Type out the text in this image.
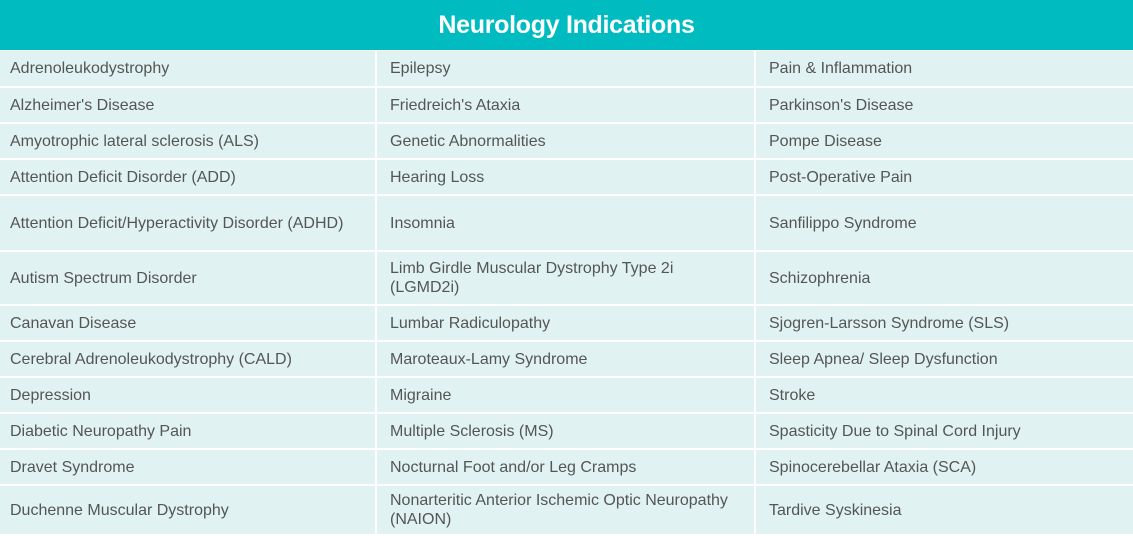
Neurology Indications
Adrenoleukodystrophy	Epilepsy	Pain & Inflammation
Alzheimer's Disease	Friedreich's Ataxia	Parkinson's Disease
Amyotrophic lateral sclerosis (ALS)	Genetic Abnormalities	Pompe Disease
Attention Deficit Disorder (ADD)	Hearing Loss	Post-Operative Pain
Attention Deficit/Hyperactivity Disorder (ADHD)	Insomnia	Sanfilippo Syndrome
Autism Spectrum Disorder	Limb Girdle Muscular Dystrophy Type 2i (LGMD2i)	Schizophrenia
Canavan Disease	Lumbar Radiculopathy	Sjogren-Larsson Syndrome (SLS)
Cerebral Adrenoleukodystrophy (CALD)	Maroteaux-Lamy Syndrome	Sleep Apnea/ Sleep Dysfunction
Depression	Migraine	Stroke
Diabetic Neuropathy Pain	Multiple Sclerosis (MS)	Spasticity Due to Spinal Cord Injury
Dravet Syndrome	Nocturnal Foot and/or Leg Cramps	Spinocerebellar Ataxia (SCA)
Duchenne Muscular Dystrophy	Nonarteritic Anterior Ischemic Optic Neuropathy (NAION)	Tardive Syskinesia
